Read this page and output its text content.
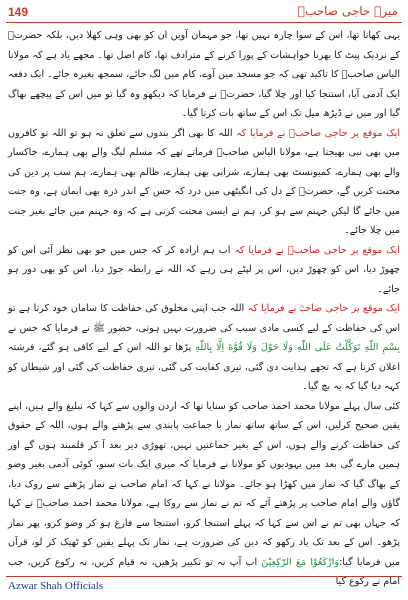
149	میرے حاجی صاحبؒ

یہی کھاتا تھا، اس کے سوا چارہ نہیں تھا، جو مہمان آویں ان کو بھی وہی کھلا دیں، بلکہ حضرتؒ کے نزدیک پیٹ کا بھرنا خواہشات کے پورا کرنے کے مترادف تھا، کام اصل تھا۔ مجھے یاد ہے کہ مولانا الیاس صاحبؒ کا تاکید تھی کہ جو مسجد میں آوے، کام میں لگ جائے، سمجھ بغیرہ جائے۔ ایک دفعہ ایک آدمی آیا، استنجا کیا اور چلا گیا، حضرتؒ نے فرمایا کہ دیکھو وہ گیا تو میں اس کے پیچھے بھاگ گیا اور میں نے ڈیڑھ میل تک اس کے ساتھ بات کرتا گیا۔

ایک موقع پر حاجی صاحبؒ نے فرمایا کہ اللہ کا بھی اگر بندوں سے تعلق نہ ہو تو اللہ تو کافروں میں بھی نبی بھیجتا ہے، مولانا الیاس صاحبؒ فرماتے تھے کہ مسلم لیگ والے بھی ہمارے، خاکسار والے بھی ہمارے، کمیونسٹ بھی ہمارے، شرابی بھی ہمارے، ظالم بھی ہمارے، ہم سب پر دین کی محنت کریں گے، حضرتؒ کے دل کی انگیٹھی میں درد کہ جس کے اندر ذرہ بھی ایمان ہے، وہ جنت میں جائے گا لیکن جہنم سے ہو کر، ہم نے ایسی محنت کرنی ہے کہ وہ جہنم میں جائے بغیر جنت میں چلا جائے۔

ایک موقع پر حاجی صاحبؒ نے فرمایا کہ اب ہم ارادہ کر کہ جس میں جو بھی نظر آئی اس کو چھوڑ دیا، اس کو چھوڑ دیں، اس پر لپٹے ہی رہے کہ اللہ نے رابطہ جوڑ دیا، اس کو بھی دور ہو جائے۔

ایک موقع پر حاجی صاحبؒ نے فرمایا کہ اللہ جب اپنی مخلوق کی حفاظت کا سامان خود کرتا ہے تو اس کی حفاظت کے لیے کسی مادی سبب کی ضرورت نہیں ہوتی، حضور ﷺ نے فرمایا کہ جس نے بِسْمِ اللّٰهِ تَوَكَّلْتُ عَلَى اللّٰهِ وَلَا حَوْلَ وَلَا قُوَّةَ اِلَّا بِاللّٰهِ پڑھا تو اللہ اس کے لیے کافی ہو گئے، فرشتہ اعلان کرتا ہے کہ تجھے ہدایت دی گئی، تیری کفایت کی گئی، تیری حفاظت کی گئی اور شیطان کو کہہ دیا گیا کہ یہ بچ گیا۔

کئی سال پہلے مولانا محمد احمد صاحب کو سنایا تھا کہ اردن والوں سے کہا کہ تبلیغ والے ہیں، اپنے یقین صحیح کرلیں، اس کے ساتھ ساتھ نماز با جماعت پابندی سے پڑھنے والے ہوں، اللہ کے حقوق کی حفاظت کرنے والے ہوں، اس کے بغیر جماعتیں نہیں، تھوڑی دیر بعد آ کر قلمبند ہوں گے اور ہمیں مارے گی بعد میں یہودیوں کو مولانا نے فرمایا کہ میری ایک بات سنو، کوئی آدمی بغیر وضو کے بھاگ گیا کہ نماز میں کھڑا ہو جائے۔ مولانا نے کہا کہ امام صاحب نے نماز پڑھنے سے روک دیا، گاؤں والے امام صاحب پر پڑھتے آئے کہ تم نے نماز سے روکا ہے، مولانا محمد احمد صاحبؒ نے کہا کہ جہاں بھی تم نے اس سے کہا کہ پہلے استنجا کرو، استنجا سے فارغ ہو کر وضو کرو، پھر نماز پڑھو۔ اس کے بعد تک یاد رکھو کہ دین کی ضرورت ہے، نماز تک پہلے یقین کو ٹھیک کر لو، قرآن میں فرمایا گیا:وَارْكَعُوْا مَعَ الرّٰكِعِيْنَ اب آپ نہ تو تکبیر پڑھیں، نہ قیام کریں، نہ رکوع کریں، جب امام نے رکوع کیا

Azwar Shah Officials
